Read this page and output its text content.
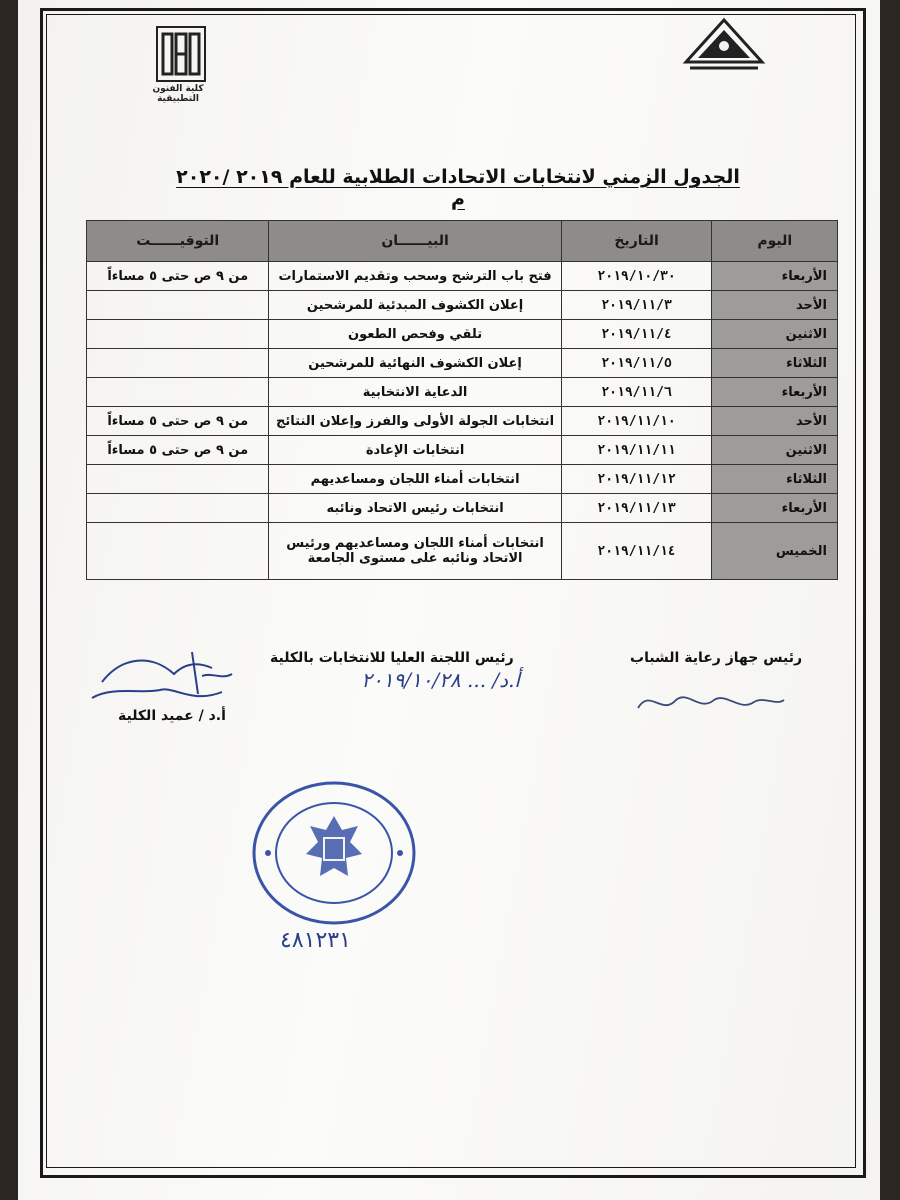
كلية الفنون التطبيقية
الجدول الزمني لانتخابات الاتحادات الطلابية للعام ٢٠١٩ /٢٠٢٠ م
اليوم	التاريخ	البيــــــان	التوقيــــــت
الأربعاء	٢٠١٩/١٠/٣٠	فتح باب الترشح وسحب وتقديم الاستمارات	من ٩ ص حتى ٥ مساءاً
الأحد	٢٠١٩/١١/٣	إعلان الكشوف المبدئية للمرشحين	
الاثنين	٢٠١٩/١١/٤	تلقي وفحص الطعون	
الثلاثاء	٢٠١٩/١١/٥	إعلان الكشوف النهائية للمرشحين	
الأربعاء	٢٠١٩/١١/٦	الدعاية الانتخابية	
الأحد	٢٠١٩/١١/١٠	انتخابات الجولة الأولى والفرز وإعلان النتائج	من ٩ ص حتى ٥ مساءاً
الاثنين	٢٠١٩/١١/١١	انتخابات الإعادة	من ٩ ص حتى ٥ مساءاً
الثلاثاء	٢٠١٩/١١/١٢	انتخابات أمناء اللجان ومساعديهم	
الأربعاء	٢٠١٩/١١/١٣	انتخابات رئيس الاتحاد ونائبه	
الخميس	٢٠١٩/١١/١٤	انتخابات أمناء اللجان ومساعديهم ورئيس الاتحاد ونائبه على مستوى الجامعة	
رئيس جهاز رعاية الشباب
رئيس اللجنة العليا للانتخابات بالكلية
أ.د / عميد الكلية
أ.د/ ... ٢٠١٩/١٠/٢٨
٤٨١٢٣١
